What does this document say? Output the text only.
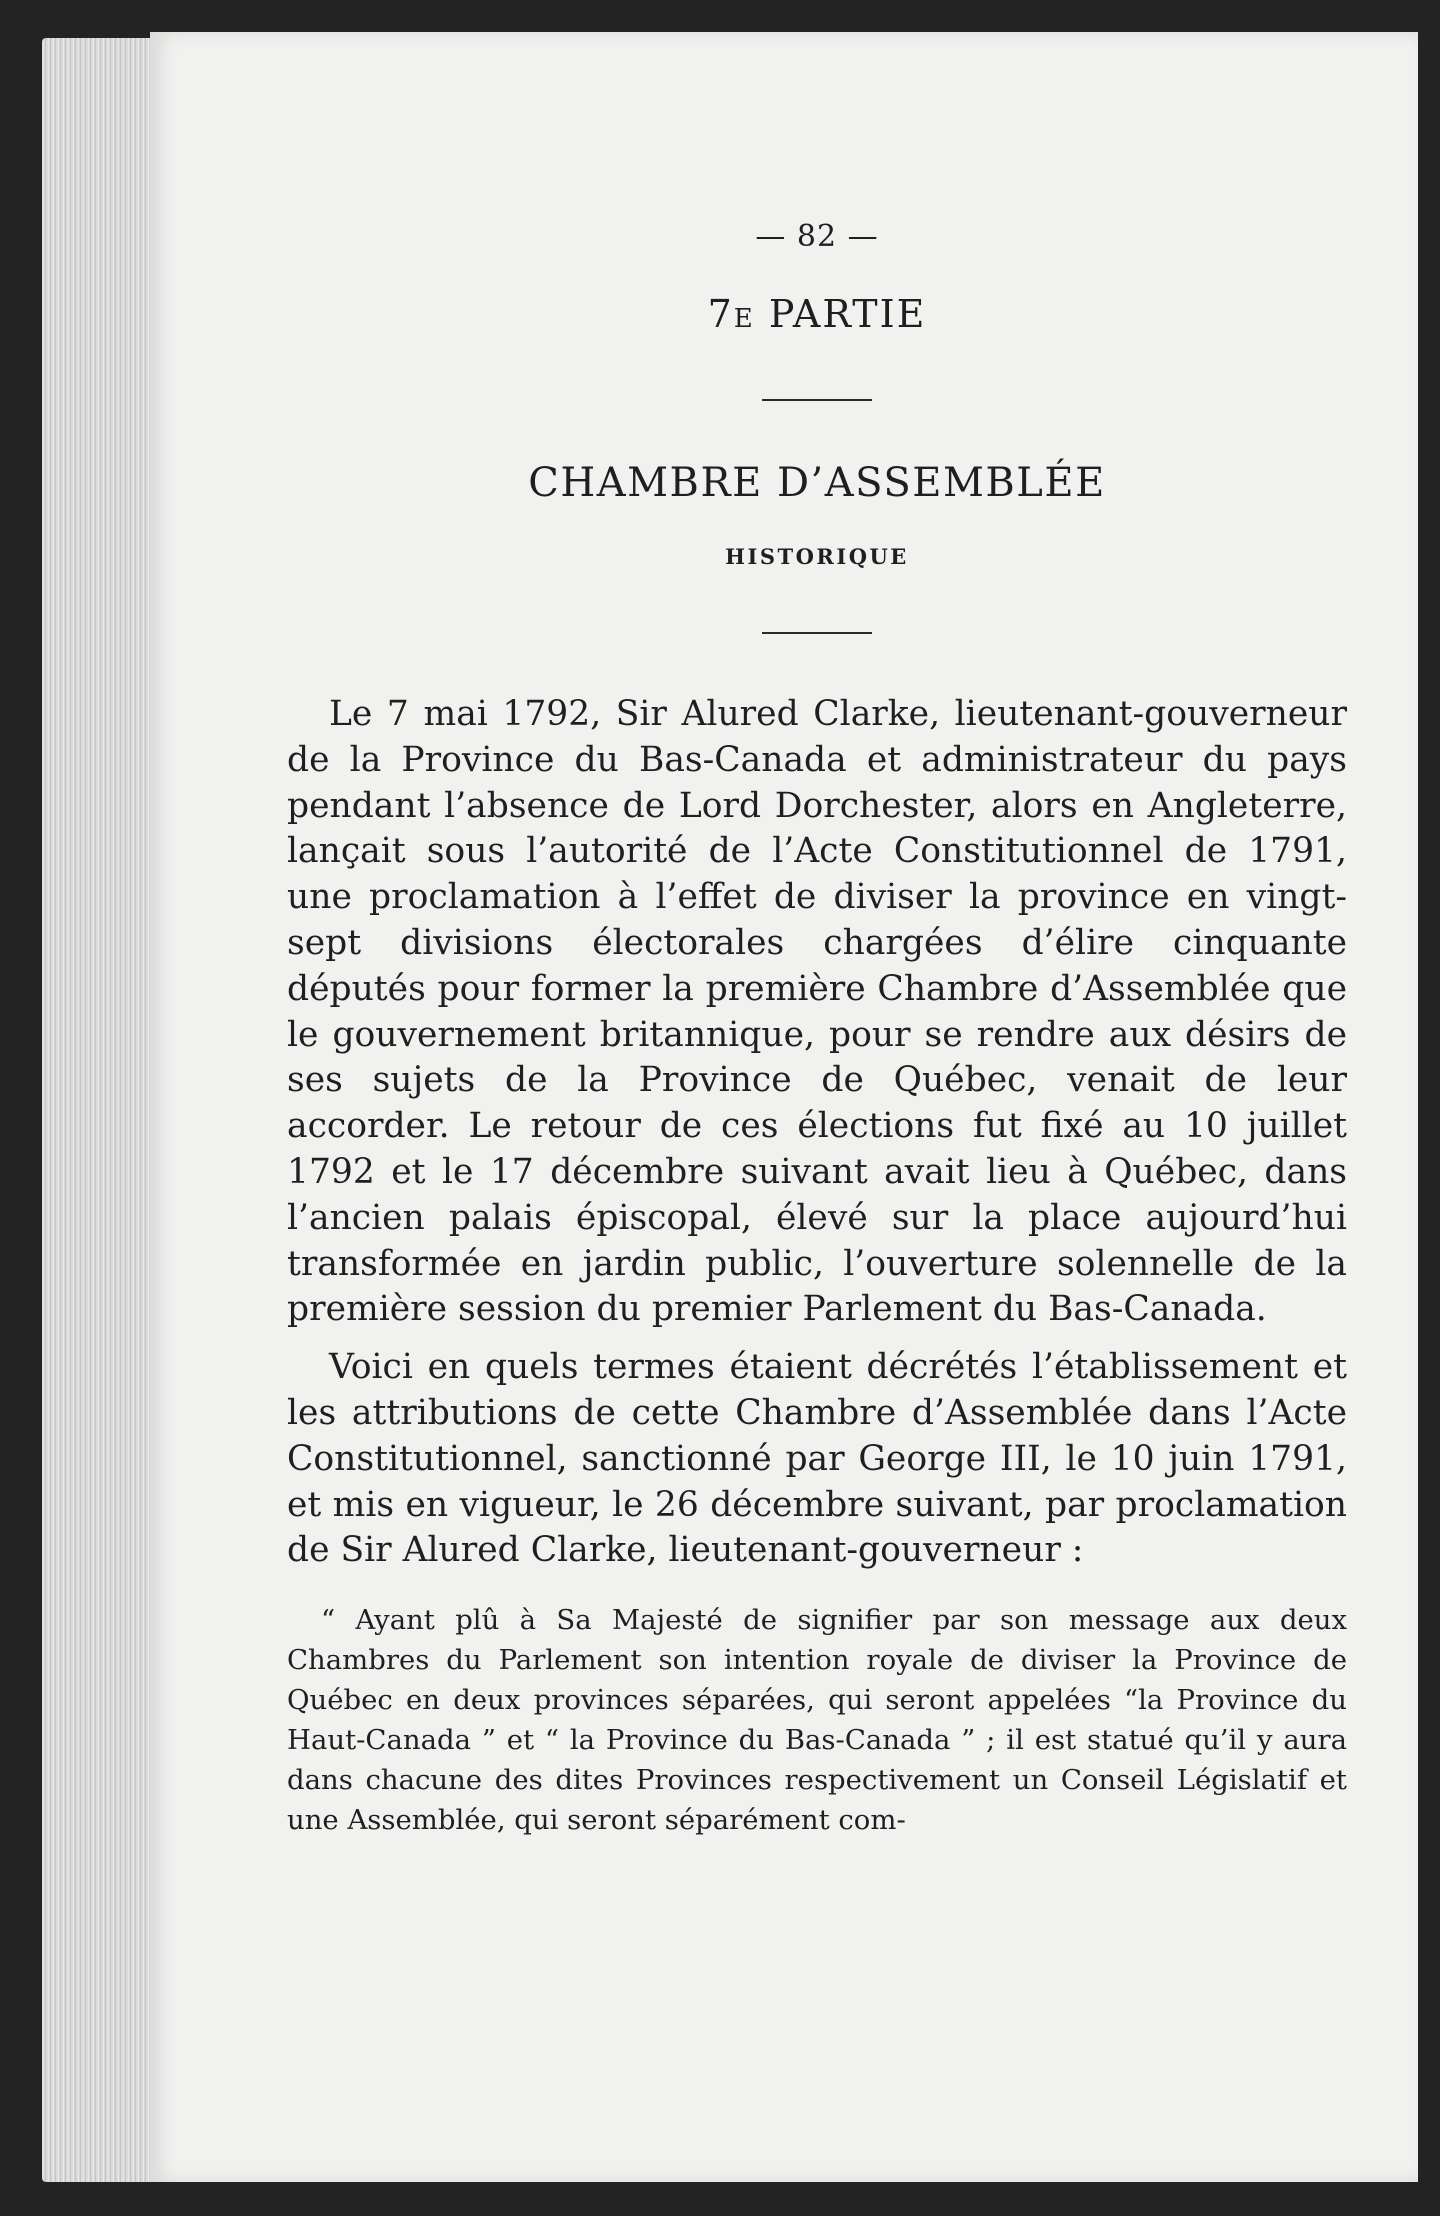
— 82 —

7E PARTIE

CHAMBRE D’ASSEMBLÉE

HISTORIQUE

Le 7 mai 1792, Sir Alured Clarke, lieutenant-gouverneur de la Province du Bas-Canada et administrateur du pays pendant l’absence de Lord Dorchester, alors en Angleterre, lançait sous l’autorité de l’Acte Constitutionnel de 1791, une proclamation à l’effet de diviser la province en vingt-sept divisions électorales chargées d’élire cinquante députés pour former la première Chambre d’Assemblée que le gouvernement britannique, pour se rendre aux désirs de ses sujets de la Province de Québec, venait de leur accorder. Le retour de ces élections fut fixé au 10 juillet 1792 et le 17 décembre suivant avait lieu à Québec, dans l’ancien palais épiscopal, élevé sur la place aujourd’hui transformée en jardin public, l’ouverture solennelle de la première session du premier Parlement du Bas-Canada.

Voici en quels termes étaient décrétés l’établissement et les attributions de cette Chambre d’Assemblée dans l’Acte Constitutionnel, sanctionné par George III, le 10 juin 1791, et mis en vigueur, le 26 décembre suivant, par proclamation de Sir Alured Clarke, lieutenant-gouverneur :

“ Ayant plû à Sa Majesté de signifier par son message aux deux Chambres du Parlement son intention royale de diviser la Province de Québec en deux provinces séparées, qui seront appelées “la Province du Haut-Canada ” et “ la Province du Bas-Canada ” ; il est statué qu’il y aura dans chacune des dites Provinces respectivement un Conseil Législatif et une Assemblée, qui seront séparément com-
